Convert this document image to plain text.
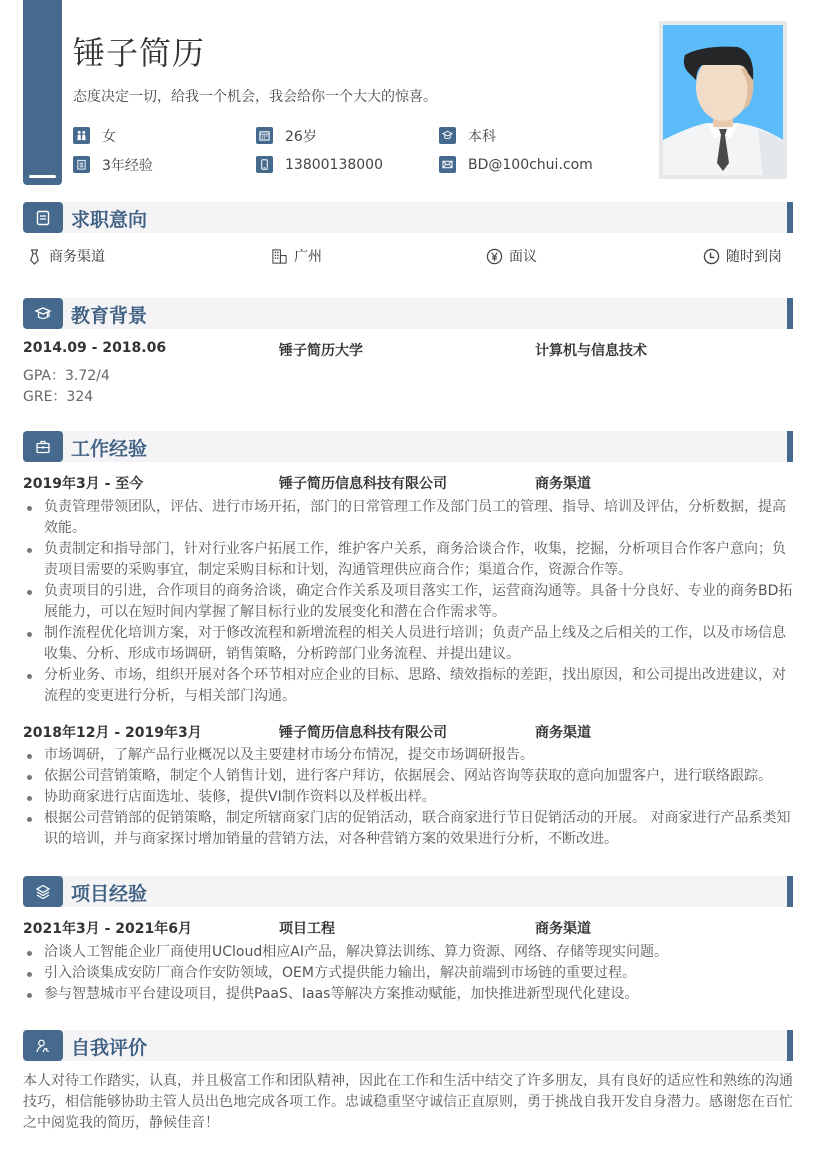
锤子简历
态度决定一切，给我一个机会，我会给你一个大大的惊喜。
女	26岁	本科
3年经验	13800138000	BD@100chui.com
求职意向
商务渠道	广州	面议	随时到岗
教育背景
2014.09 - 2018.06	锤子简历大学	计算机与信息技术
GPA：3.72/4
GRE：324
工作经验
2019年3月 - 至今	锤子简历信息科技有限公司	商务渠道
负责管理带领团队，评估、进行市场开拓，部门的日常管理工作及部门员工的管理、指导、培训及评估，分析数据，提高效能。
负责制定和指导部门，针对行业客户拓展工作，维护客户关系，商务洽谈合作，收集，挖掘，分析项目合作客户意向；负责项目需要的采购事宜，制定采购目标和计划，沟通管理供应商合作；渠道合作，资源合作等。
负责项目的引进，合作项目的商务洽谈，确定合作关系及项目落实工作，运营商沟通等。具备十分良好、专业的商务BD拓展能力，可以在短时间内掌握了解目标行业的发展变化和潜在合作需求等。
制作流程优化培训方案，对于修改流程和新增流程的相关人员进行培训；负责产品上线及之后相关的工作，以及市场信息收集、分析、形成市场调研，销售策略，分析跨部门业务流程、并提出建议。
分析业务、市场，组织开展对各个环节相对应企业的目标、思路、绩效指标的差距，找出原因，和公司提出改进建议，对流程的变更进行分析，与相关部门沟通。
2018年12月 - 2019年3月	锤子简历信息科技有限公司	商务渠道
市场调研，了解产品行业概况以及主要建材市场分布情况，提交市场调研报告。
依据公司营销策略，制定个人销售计划，进行客户拜访，依据展会、网站咨询等获取的意向加盟客户，进行联络跟踪。
协助商家进行店面选址、装修，提供VI制作资料以及样板出样。
根据公司营销部的促销策略，制定所辖商家门店的促销活动，联合商家进行节日促销活动的开展。 对商家进行产品系类知识的培训，并与商家探讨增加销量的营销方法，对各种营销方案的效果进行分析，不断改进。
项目经验
2021年3月 - 2021年6月	项目工程	商务渠道
洽谈人工智能企业厂商使用UCloud相应AI产品，解决算法训练、算力资源、网络、存储等现实问题。
引入洽谈集成安防厂商合作安防领域，OEM方式提供能力输出，解决前端到市场链的重要过程。
参与智慧城市平台建设项目，提供PaaS、Iaas等解决方案推动赋能，加快推进新型现代化建设。
自我评价

本人对待工作踏实，认真，并且极富工作和团队精神，因此在工作和生活中结交了许多朋友，具有良好的适应性和熟练的沟通技巧，相信能够协助主管人员出色地完成各项工作。忠诚稳重坚守诚信正直原则，勇于挑战自我开发自身潜力。感谢您在百忙之中阅览我的简历，静候佳音！
